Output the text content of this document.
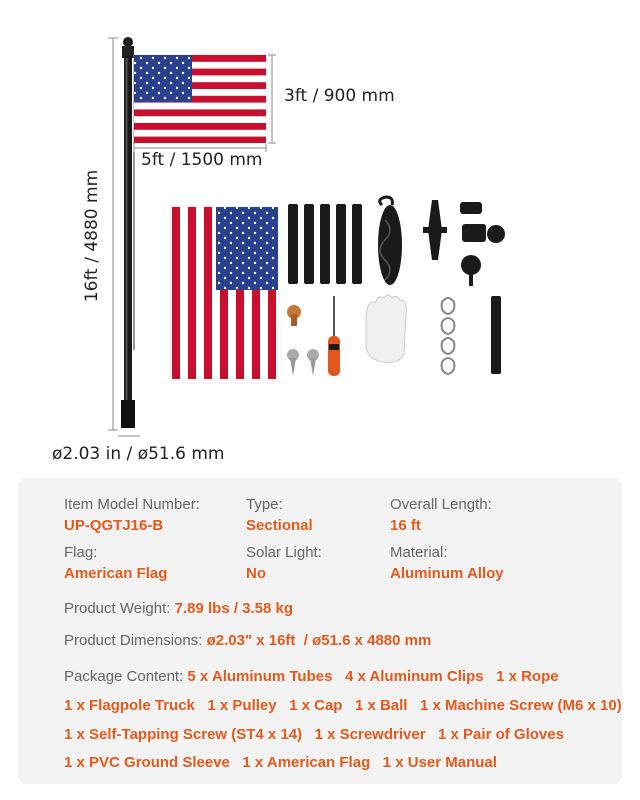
16ft / 4880 mm
3ft / 900 mm
5ft / 1500 mm
ø2.03 in / ø51.6 mm
Item Model Number:
UP-QGTJ16-B
Type:
Sectional
Overall Length:
16 ft
Flag:
American Flag
Solar Light:
No
Material:
Aluminum Alloy
Product Weight: 7.89 lbs / 3.58 kg
Product Dimensions: ø2.03" x 16ft  / ø51.6 x 4880 mm
Package Content: 5 x Aluminum Tubes   4 x Aluminum Clips   1 x Rope
1 x Flagpole Truck   1 x Pulley   1 x Cap   1 x Ball   1 x Machine Screw (M6 x 10)
1 x Self-Tapping Screw (ST4 x 14)   1 x Screwdriver   1 x Pair of Gloves
1 x PVC Ground Sleeve   1 x American Flag   1 x User Manual
